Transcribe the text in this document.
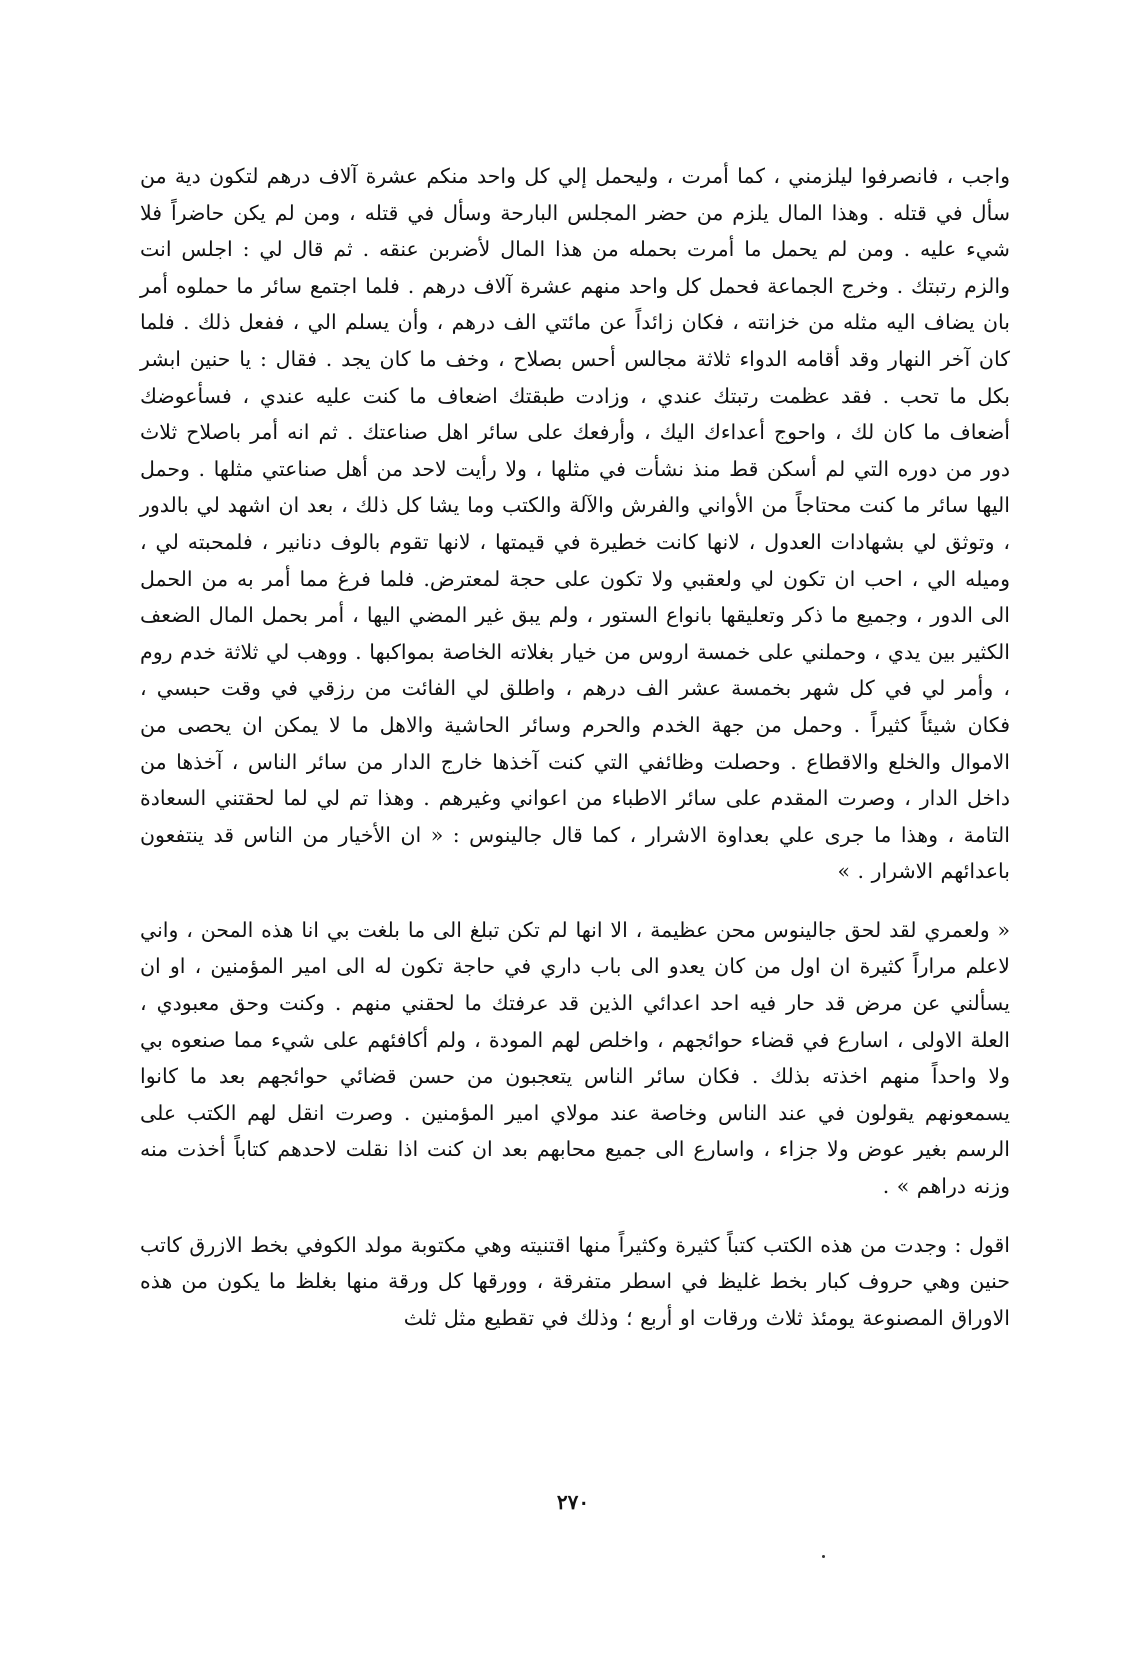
واجب ، فانصرفوا ليلزمني ، كما أمرت ، وليحمل إلي كل واحد منكم عشرة آلاف درهم لتكون دية من سأل في قتله . وهذا المال يلزم من حضر المجلس البارحة وسأل في قتله ، ومن لم يكن حاضراً فلا شيء عليه . ومن لم يحمل ما أمرت بحمله من هذا المال لأضربن عنقه . ثم قال لي : اجلس انت والزم رتبتك . وخرج الجماعة فحمل كل واحد منهم عشرة آلاف درهم . فلما اجتمع سائر ما حملوه أمر بان يضاف اليه مثله من خزانته ، فكان زائداً عن مائتي الف درهم ، وأن يسلم الي ، ففعل ذلك . فلما كان آخر النهار وقد أقامه الدواء ثلاثة مجالس أحس بصلاح ، وخف ما كان يجد . فقال : يا حنين ابشر بكل ما تحب . فقد عظمت رتبتك عندي ، وزادت طبقتك اضعاف ما كنت عليه عندي ، فسأعوضك أضعاف ما كان لك ، واحوج أعداءك اليك ، وأرفعك على سائر اهل صناعتك . ثم انه أمر باصلاح ثلاث دور من دوره التي لم أسكن قط منذ نشأت في مثلها ، ولا رأيت لاحد من أهل صناعتي مثلها . وحمل اليها سائر ما كنت محتاجاً من الأواني والفرش والآلة والكتب وما يشا كل ذلك ، بعد ان اشهد لي بالدور ، وتوثق لي بشهادات العدول ، لانها كانت خطيرة في قيمتها ، لانها تقوم بالوف دنانير ، فلمحبته لي ، وميله الي ، احب ان تكون لي ولعقبي ولا تكون على حجة لمعترض. فلما فرغ مما أمر به من الحمل الى الدور ، وجميع ما ذكر وتعليقها بانواع الستور ، ولم يبق غير المضي اليها ، أمر بحمل المال الضعف الكثير بين يدي ، وحملني على خمسة اروس من خيار بغلاته الخاصة بمواكبها . ووهب لي ثلاثة خدم روم ، وأمر لي في كل شهر بخمسة عشر الف درهم ، واطلق لي الفائت من رزقي في وقت حبسي ، فكان شيئاً كثيراً . وحمل من جهة الخدم والحرم وسائر الحاشية والاهل ما لا يمكن ان يحصى من الاموال والخلع والاقطاع . وحصلت وظائفي التي كنت آخذها خارج الدار من سائر الناس ، آخذها من داخل الدار ، وصرت المقدم على سائر الاطباء من اعواني وغيرهم . وهذا تم لي لما لحقتني السعادة التامة ، وهذا ما جرى علي بعداوة الاشرار ، كما قال جالينوس : « ان الأخيار من الناس قد ينتفعون باعدائهم الاشرار . »

« ولعمري لقد لحق جالينوس محن عظيمة ، الا انها لم تكن تبلغ الى ما بلغت بي انا هذه المحن ، واني لاعلم مراراً كثيرة ان اول من كان يعدو الى باب داري في حاجة تكون له الى امير المؤمنين ، او ان يسألني عن مرض قد حار فيه احد اعدائي الذين قد عرفتك ما لحقني منهم . وكنت وحق معبودي ، العلة الاولى ، اسارع في قضاء حوائجهم ، واخلص لهم المودة ، ولم أكافئهم على شيء مما صنعوه بي ولا واحداً منهم اخذته بذلك . فكان سائر الناس يتعجبون من حسن قضائي حوائجهم بعد ما كانوا يسمعونهم يقولون في عند الناس وخاصة عند مولاي امير المؤمنين . وصرت انقل لهم الكتب على الرسم بغير عوض ولا جزاء ، واسارع الى جميع محابهم بعد ان كنت اذا نقلت لاحدهم كتاباً أخذت منه وزنه دراهم » .

اقول : وجدت من هذه الكتب كتباً كثيرة وكثيراً منها اقتنيته وهي مكتوبة مولد الكوفي بخط الازرق كاتب حنين وهي حروف كبار بخط غليظ في اسطر متفرقة ، وورقها كل ورقة منها بغلظ ما يكون من هذه الاوراق المصنوعة يومئذ ثلاث ورقات او أربع ؛ وذلك في تقطيع مثل ثلث

٢٧٠
